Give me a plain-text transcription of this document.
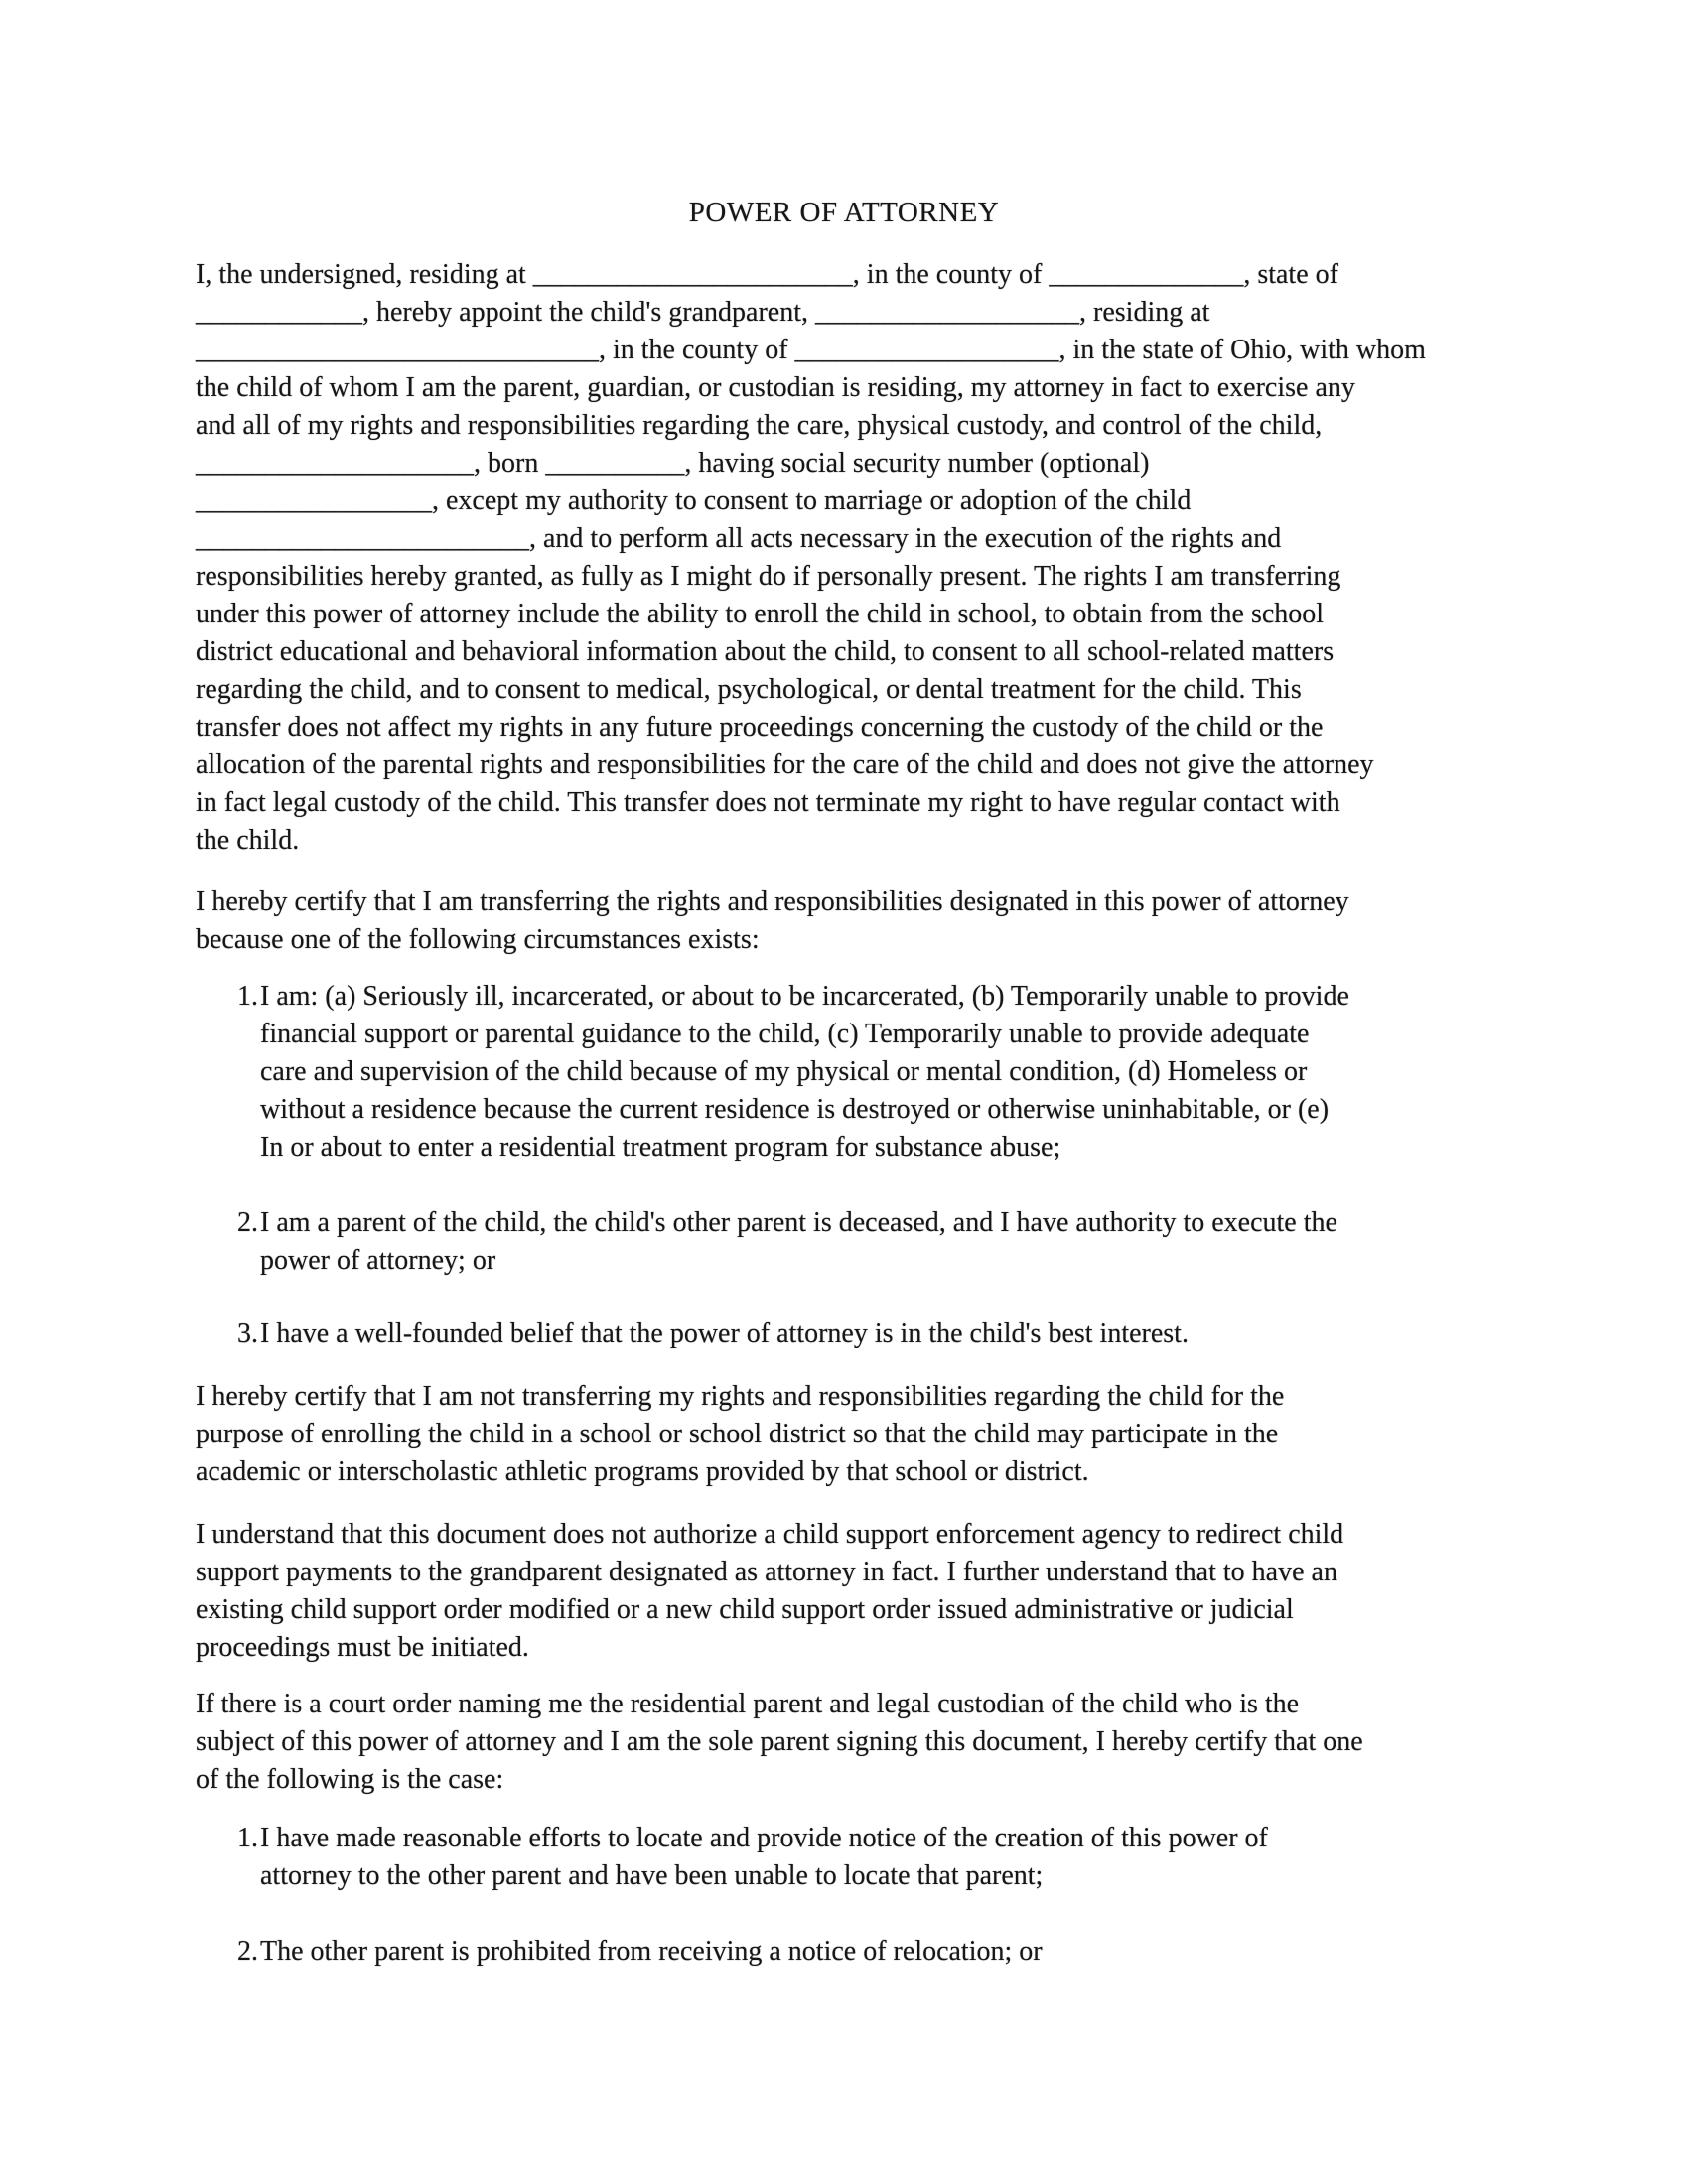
POWER OF ATTORNEY
I, the undersigned, residing at _______________________, in the county of ______________, state of
____________, hereby appoint the child's grandparent, ___________________, residing at
_____________________________, in the county of ___________________, in the state of Ohio, with whom
the child of whom I am the parent, guardian, or custodian is residing, my attorney in fact to exercise any
and all of my rights and responsibilities regarding the care, physical custody, and control of the child,
____________________, born __________, having social security number (optional)
_________________, except my authority to consent to marriage or adoption of the child
________________________, and to perform all acts necessary in the execution of the rights and
responsibilities hereby granted, as fully as I might do if personally present. The rights I am transferring
under this power of attorney include the ability to enroll the child in school, to obtain from the school
district educational and behavioral information about the child, to consent to all school-related matters
regarding the child, and to consent to medical, psychological, or dental treatment for the child. This
transfer does not affect my rights in any future proceedings concerning the custody of the child or the
allocation of the parental rights and responsibilities for the care of the child and does not give the attorney
in fact legal custody of the child. This transfer does not terminate my right to have regular contact with
the child.
I hereby certify that I am transferring the rights and responsibilities designated in this power of attorney
because one of the following circumstances exists:
1. I am: (a) Seriously ill, incarcerated, or about to be incarcerated, (b) Temporarily unable to provide
financial support or parental guidance to the child, (c) Temporarily unable to provide adequate
care and supervision of the child because of my physical or mental condition, (d) Homeless or
without a residence because the current residence is destroyed or otherwise uninhabitable, or (e)
In or about to enter a residential treatment program for substance abuse;
2. I am a parent of the child, the child's other parent is deceased, and I have authority to execute the
power of attorney; or
3. I have a well-founded belief that the power of attorney is in the child's best interest.
I hereby certify that I am not transferring my rights and responsibilities regarding the child for the
purpose of enrolling the child in a school or school district so that the child may participate in the
academic or interscholastic athletic programs provided by that school or district.
I understand that this document does not authorize a child support enforcement agency to redirect child
support payments to the grandparent designated as attorney in fact. I further understand that to have an
existing child support order modified or a new child support order issued administrative or judicial
proceedings must be initiated.
If there is a court order naming me the residential parent and legal custodian of the child who is the
subject of this power of attorney and I am the sole parent signing this document, I hereby certify that one
of the following is the case:
1. I have made reasonable efforts to locate and provide notice of the creation of this power of
attorney to the other parent and have been unable to locate that parent;
2. The other parent is prohibited from receiving a notice of relocation; or
